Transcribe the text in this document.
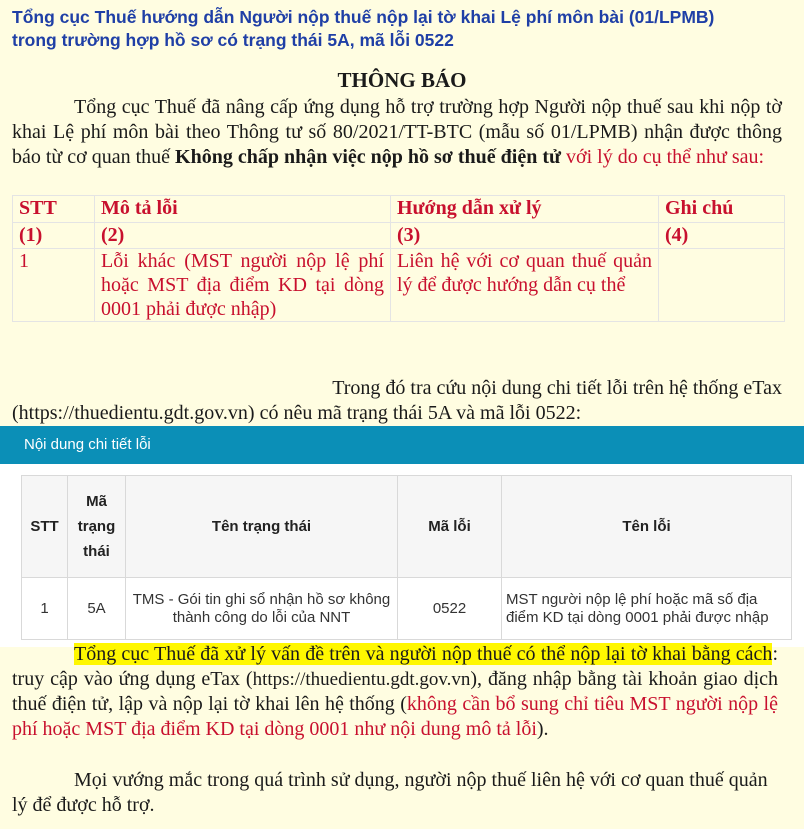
Tổng cục Thuế hướng dẫn Người nộp thuế nộp lại tờ khai Lệ phí môn bài (01/LPMB)
trong trường hợp hồ sơ có trạng thái 5A, mã lỗi 0522
THÔNG BÁO
Tổng cục Thuế đã nâng cấp ứng dụng hỗ trợ trường hợp Người nộp thuế sau khi nộp tờ khai Lệ phí môn bài theo Thông tư số 80/2021/TT-BTC (mẫu số 01/LPMB) nhận được thông báo từ cơ quan thuế Không chấp nhận việc nộp hồ sơ thuế điện tử với lý do cụ thể như sau:
STT	Mô tả lỗi	Hướng dẫn xử lý	Ghi chú
(1)	(2)	(3)	(4)
1	Lỗi khác (MST người nộp lệ phí hoặc MST địa điểm KD tại dòng 0001 phải được nhập)	Liên hệ với cơ quan thuế quản lý để được hướng dẫn cụ thể	
Trong đó tra cứu nội dung chi tiết lỗi trên hệ thống eTax
(https://thuedientu.gdt.gov.vn) có nêu mã trạng thái 5A và mã lỗi 0522:
Nội dung chi tiết lỗi
STT	Mã trạng thái	Tên trạng thái	Mã lỗi	Tên lỗi
1	5A	TMS - Gói tin ghi sổ nhận hồ sơ không thành công do lỗi của NNT	0522	MST người nộp lệ phí hoặc mã số địa điểm KD tại dòng 0001 phải được nhập
Tổng cục Thuế đã xử lý vấn đề trên và người nộp thuế có thể nộp lại tờ khai bằng cách: truy cập vào ứng dụng eTax (https://thuedientu.gdt.gov.vn), đăng nhập bằng tài khoản giao dịch thuế điện tử, lập và nộp lại tờ khai lên hệ thống (không cần bổ sung chỉ tiêu MST người nộp lệ phí hoặc MST địa điểm KD tại dòng 0001 như nội dung mô tả lỗi).
Mọi vướng mắc trong quá trình sử dụng, người nộp thuế liên hệ với cơ quan thuế quản lý để được hỗ trợ.
